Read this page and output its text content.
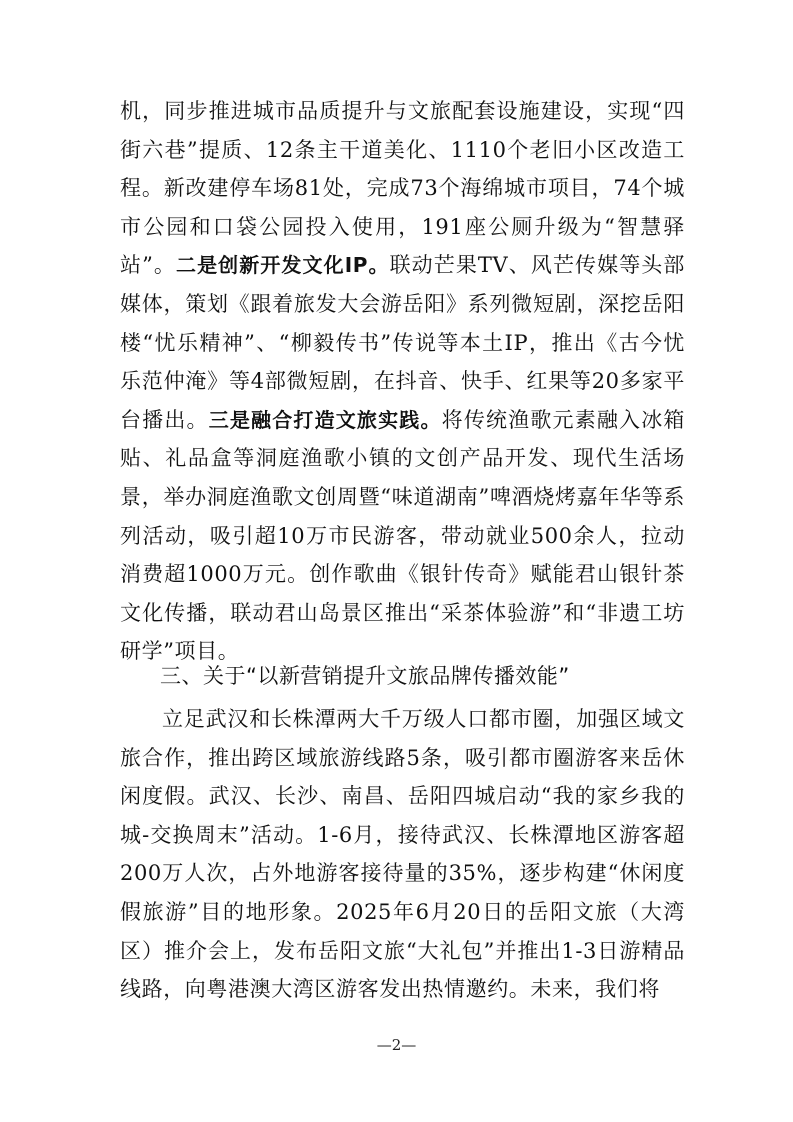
机，同步推进城市品质提升与文旅配套设施建设，实现“四街六巷”提质、12条主干道美化、1110个老旧小区改造工程。新改建停车场81处，完成73个海绵城市项目，74个城市公园和口袋公园投入使用，191座公厕升级为“智慧驿站”。二是创新开发文化IP。联动芒果TV、风芒传媒等头部媒体，策划《跟着旅发大会游岳阳》系列微短剧，深挖岳阳楼“忧乐精神”、“柳毅传书”传说等本土IP，推出《古今忧乐范仲淹》等4部微短剧，在抖音、快手、红果等20多家平台播出。三是融合打造文旅实践。将传统渔歌元素融入冰箱贴、礼品盒等洞庭渔歌小镇的文创产品开发、现代生活场景，举办洞庭渔歌文创周暨“味道湖南”啤酒烧烤嘉年华等系列活动，吸引超10万市民游客，带动就业500余人，拉动消费超1000万元。创作歌曲《银针传奇》赋能君山银针茶文化传播，联动君山岛景区推出“采茶体验游”和“非遗工坊研学”项目。
三、关于“以新营销提升文旅品牌传播效能”
立足武汉和长株潭两大千万级人口都市圈，加强区域文旅合作，推出跨区域旅游线路5条，吸引都市圈游客来岳休闲度假。武汉、长沙、南昌、岳阳四城启动“我的家乡我的城-交换周末”活动。1-6月，接待武汉、长株潭地区游客超200万人次，占外地游客接待量的35%，逐步构建“休闲度假旅游”目的地形象。2025年6月20日的岳阳文旅（大湾区）推介会上，发布岳阳文旅“大礼包”并推出1-3日游精品线路，向粤港澳大湾区游客发出热情邀约。未来，我们将
—2—
